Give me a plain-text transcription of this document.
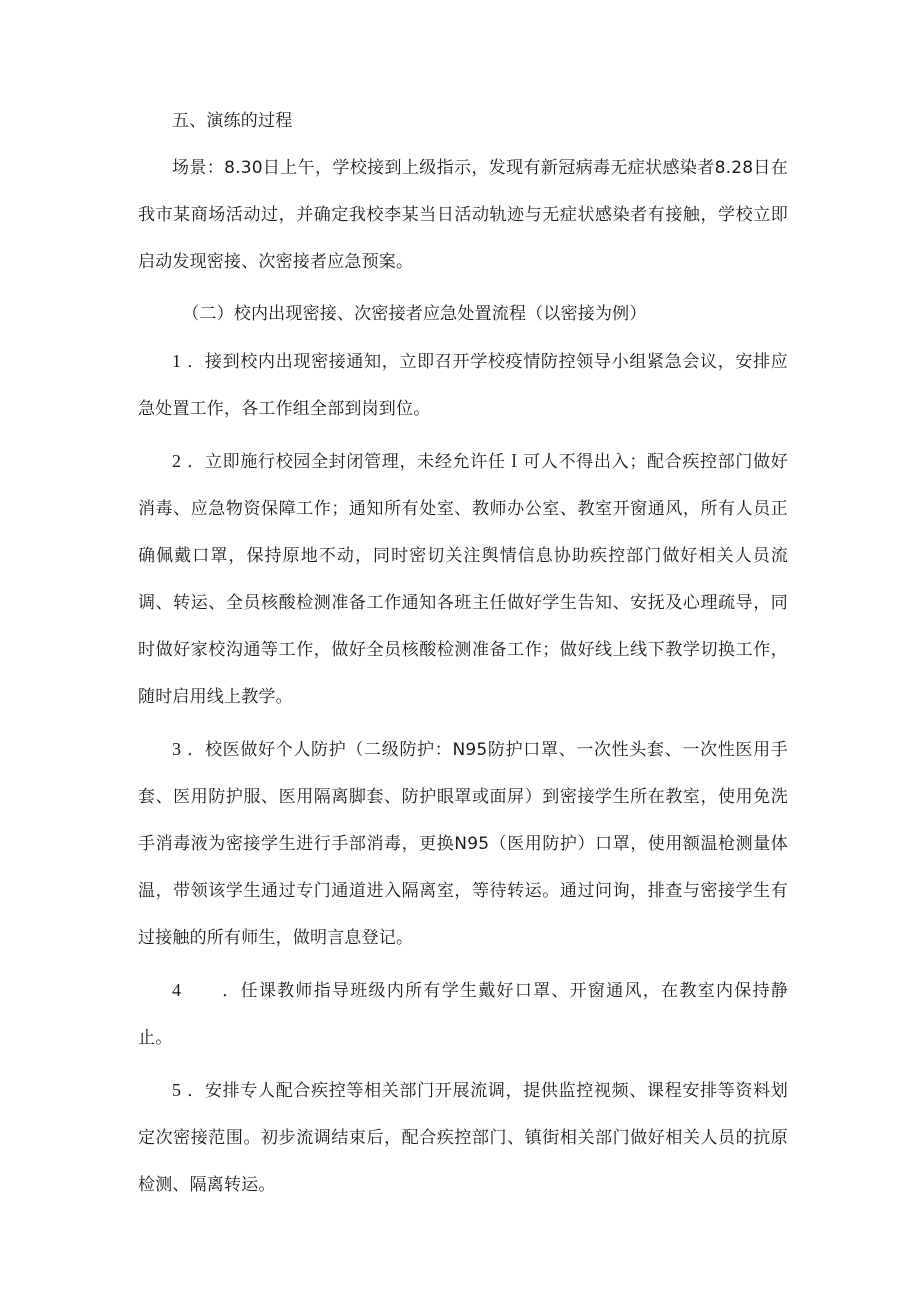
五、演练的过程

场景：8.30日上午，学校接到上级指示，发现有新冠病毒无症状感染者8.28日在我市某商场活动过，并确定我校李某当日活动轨迹与无症状感染者有接触，学校立即启动发现密接、次密接者应急预案。

（二）校内出现密接、次密接者应急处置流程（以密接为例）

1 ．接到校内出现密接通知，立即召开学校疫情防控领导小组紧急会议，安排应急处置工作，各工作组全部到岗到位。

2 ．立即施行校园全封闭管理，未经允许任Ｉ可人不得出入；配合疾控部门做好消毒、应急物资保障工作；通知所有处室、教师办公室、教室开窗通风，所有人员正确佩戴口罩，保持原地不动，同时密切关注舆情信息协助疾控部门做好相关人员流调、转运、全员核酸检测准备工作通知各班主任做好学生告知、安抚及心理疏导，同时做好家校沟通等工作，做好全员核酸检测准备工作；做好线上线下教学切换工作，随时启用线上教学。

3 ．校医做好个人防护（二级防护：N95防护口罩、一次性头套、一次性医用手套、医用防护服、医用隔离脚套、防护眼罩或面屏）到密接学生所在教室，使用免洗手消毒液为密接学生进行手部消毒，更换N95（医用防护）口罩，使用额温枪测量体温，带领该学生通过专门通道进入隔离室，等待转运。通过问询，排查与密接学生有过接触的所有师生，做明言息登记。

4 ．任课教师指导班级内所有学生戴好口罩、开窗通风，在教室内保持静止。

5 ．安排专人配合疾控等相关部门开展流调，提供监控视频、课程安排等资料划定次密接范围。初步流调结束后，配合疾控部门、镇街相关部门做好相关人员的抗原检测、隔离转运。
